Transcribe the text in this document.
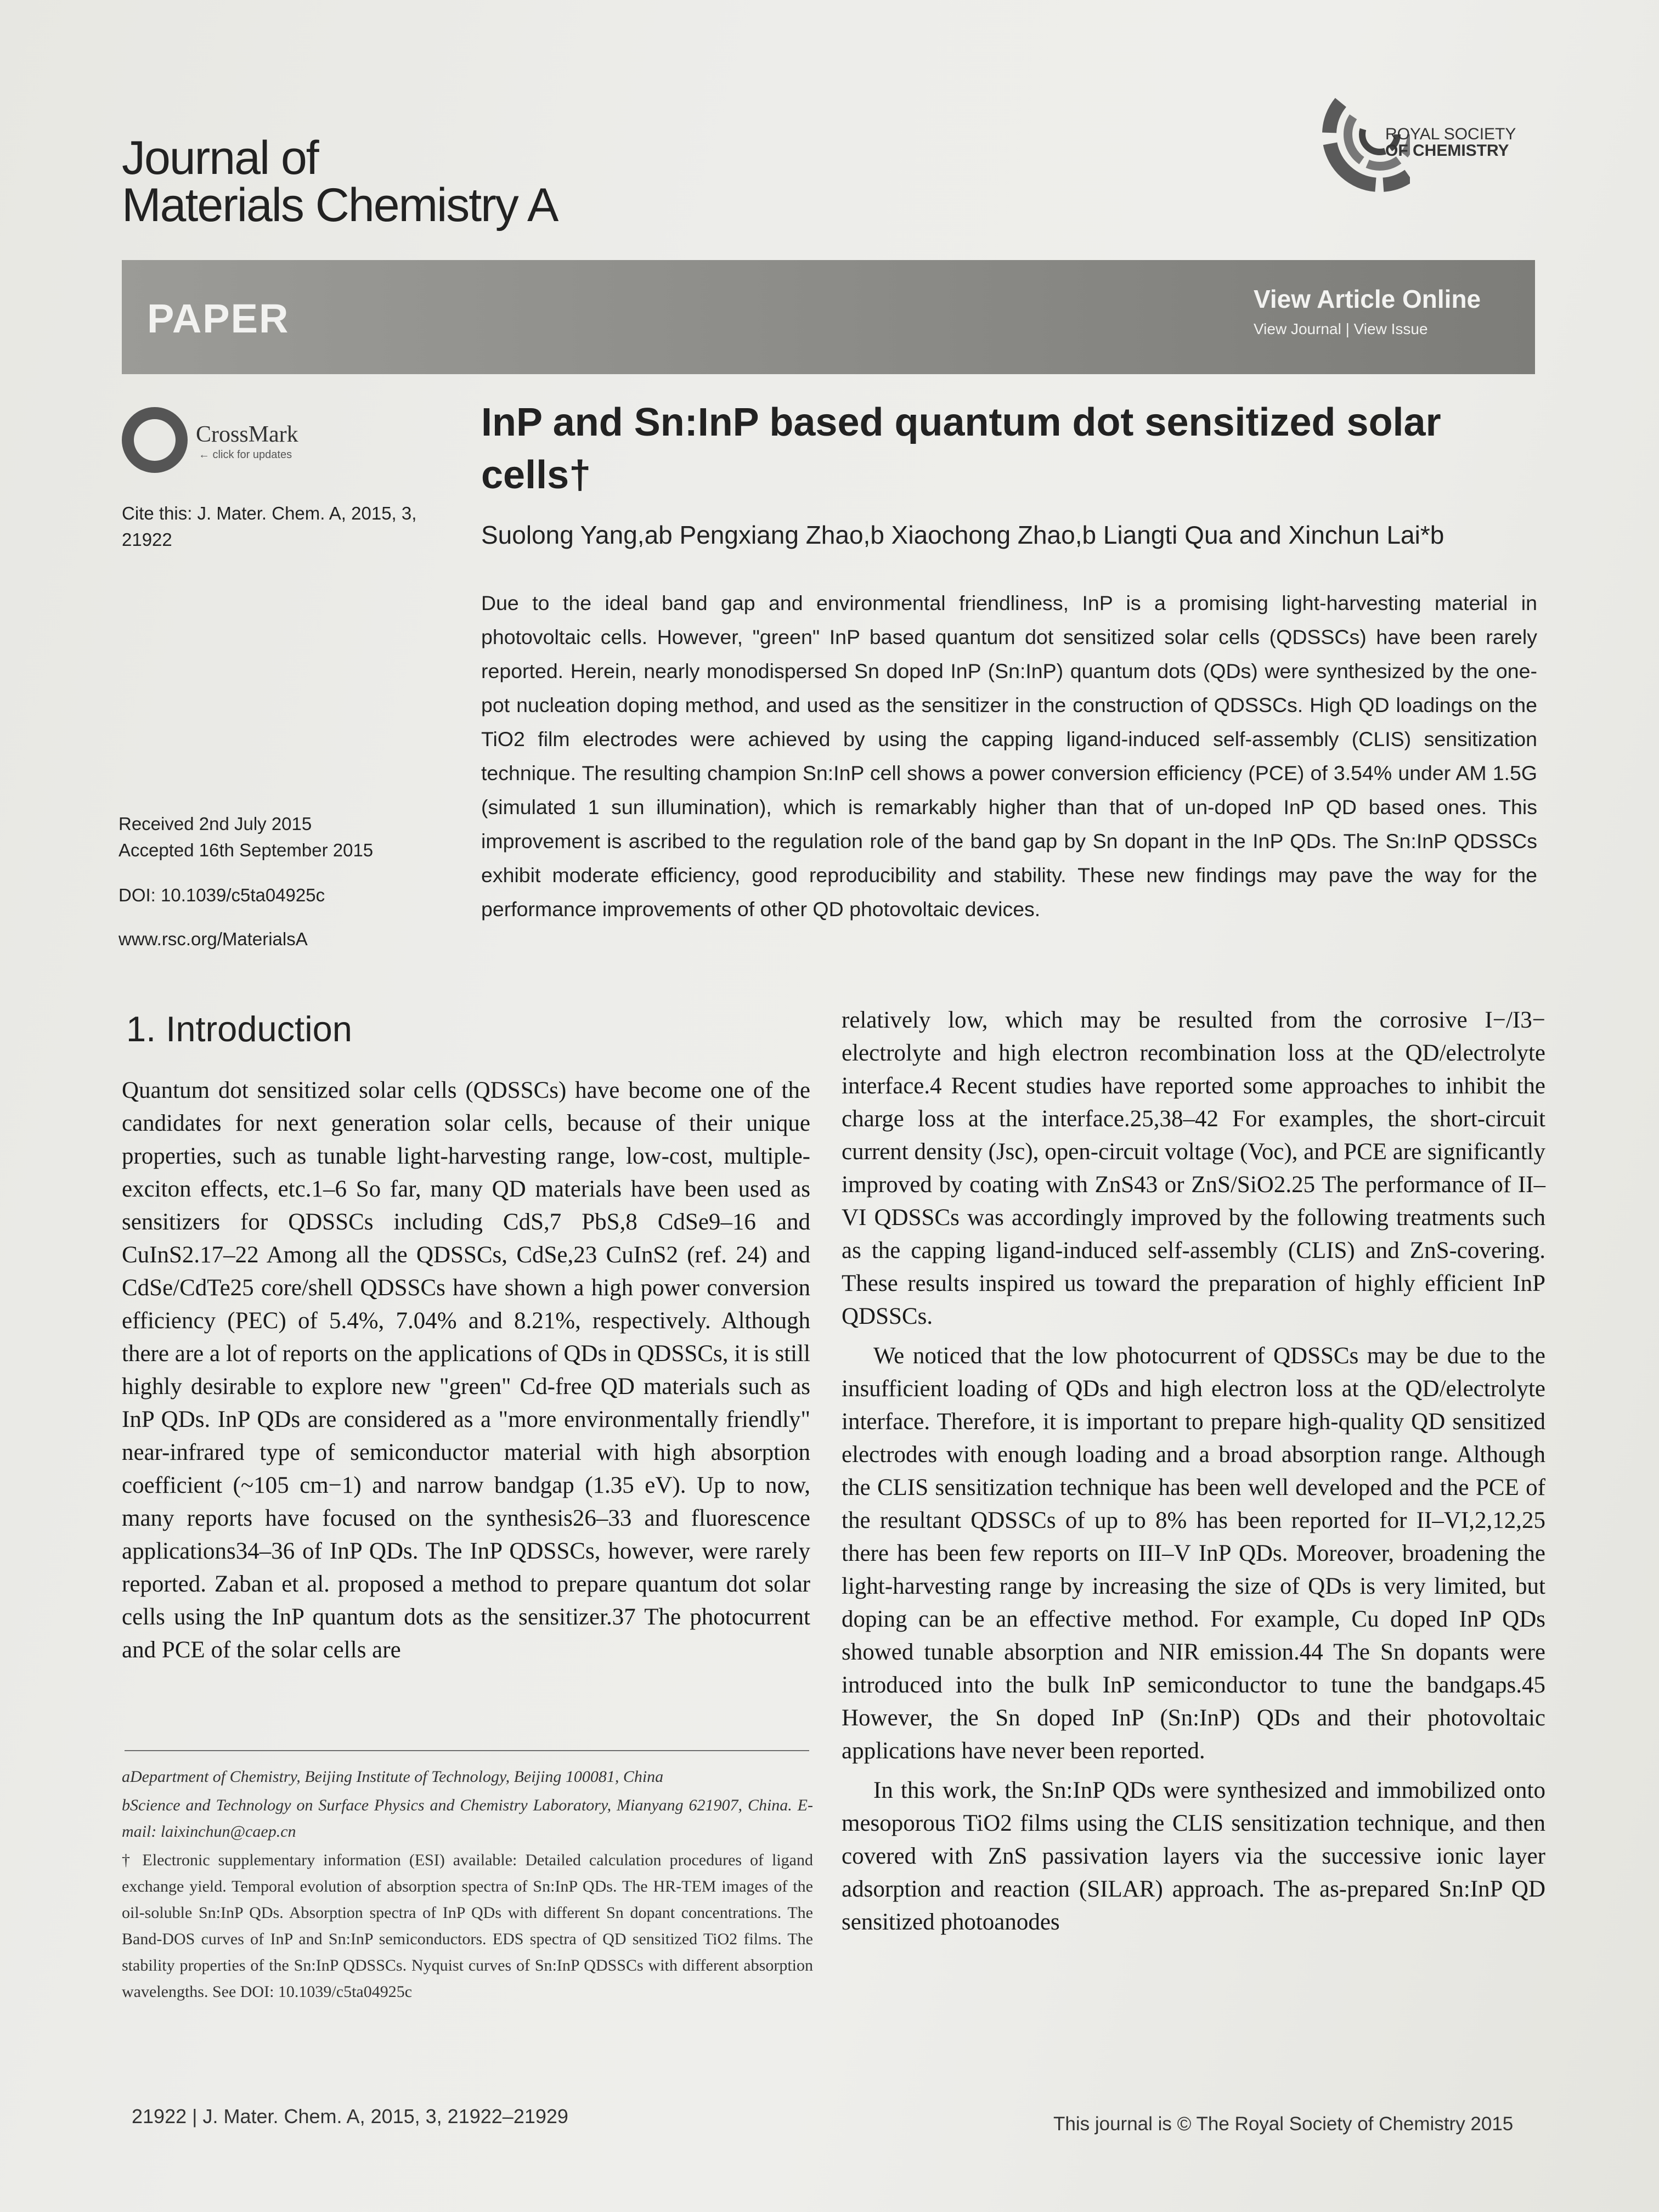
Journal of
Materials Chemistry A
ROYAL SOCIETY
OF CHEMISTRY
PAPER	View Article Online
View Journal | View Issue
CrossMark
← click for updates
Cite this: J. Mater. Chem. A, 2015, 3, 21922
Received 2nd July 2015
Accepted 16th September 2015
DOI: 10.1039/c5ta04925c
www.rsc.org/MaterialsA
InP and Sn:InP based quantum dot sensitized solar cells†
Suolong Yang,ab Pengxiang Zhao,b Xiaochong Zhao,b Liangti Qua and Xinchun Lai*b
Due to the ideal band gap and environmental friendliness, InP is a promising light-harvesting material in photovoltaic cells. However, "green" InP based quantum dot sensitized solar cells (QDSSCs) have been rarely reported. Herein, nearly monodispersed Sn doped InP (Sn:InP) quantum dots (QDs) were synthesized by the one-pot nucleation doping method, and used as the sensitizer in the construction of QDSSCs. High QD loadings on the TiO2 film electrodes were achieved by using the capping ligand-induced self-assembly (CLIS) sensitization technique. The resulting champion Sn:InP cell shows a power conversion efficiency (PCE) of 3.54% under AM 1.5G (simulated 1 sun illumination), which is remarkably higher than that of un-doped InP QD based ones. This improvement is ascribed to the regulation role of the band gap by Sn dopant in the InP QDs. The Sn:InP QDSSCs exhibit moderate efficiency, good reproducibility and stability. These new findings may pave the way for the performance improvements of other QD photovoltaic devices.
1. Introduction
Quantum dot sensitized solar cells (QDSSCs) have become one of the candidates for next generation solar cells, because of their unique properties, such as tunable light-harvesting range, low-cost, multiple-exciton effects, etc.1–6 So far, many QD materials have been used as sensitizers for QDSSCs including CdS,7 PbS,8 CdSe9–16 and CuInS2.17–22 Among all the QDSSCs, CdSe,23 CuInS2 (ref. 24) and CdSe/CdTe25 core/shell QDSSCs have shown a high power conversion efficiency (PEC) of 5.4%, 7.04% and 8.21%, respectively. Although there are a lot of reports on the applications of QDs in QDSSCs, it is still highly desirable to explore new "green" Cd-free QD materials such as InP QDs. InP QDs are considered as a "more environmentally friendly" near-infrared type of semiconductor material with high absorption coefficient (~105 cm−1) and narrow bandgap (1.35 eV). Up to now, many reports have focused on the synthesis26–33 and fluorescence applications34–36 of InP QDs. The InP QDSSCs, however, were rarely reported. Zaban et al. proposed a method to prepare quantum dot solar cells using the InP quantum dots as the sensitizer.37 The photocurrent and PCE of the solar cells are

relatively low, which may be resulted from the corrosive I−/I3− electrolyte and high electron recombination loss at the QD/electrolyte interface.4 Recent studies have reported some approaches to inhibit the charge loss at the interface.25,38–42 For examples, the short-circuit current density (Jsc), open-circuit voltage (Voc), and PCE are significantly improved by coating with ZnS43 or ZnS/SiO2.25 The performance of II–VI QDSSCs was accordingly improved by the following treatments such as the capping ligand-induced self-assembly (CLIS) and ZnS-covering. These results inspired us toward the preparation of highly efficient InP QDSSCs.

We noticed that the low photocurrent of QDSSCs may be due to the insufficient loading of QDs and high electron loss at the QD/electrolyte interface. Therefore, it is important to prepare high-quality QD sensitized electrodes with enough loading and a broad absorption range. Although the CLIS sensitization technique has been well developed and the PCE of the resultant QDSSCs of up to 8% has been reported for II–VI,2,12,25 there has been few reports on III–V InP QDs. Moreover, broadening the light-harvesting range by increasing the size of QDs is very limited, but doping can be an effective method. For example, Cu doped InP QDs showed tunable absorption and NIR emission.44 The Sn dopants were introduced into the bulk InP semiconductor to tune the bandgaps.45 However, the Sn doped InP (Sn:InP) QDs and their photovoltaic applications have never been reported.

In this work, the Sn:InP QDs were synthesized and immobilized onto mesoporous TiO2 films using the CLIS sensitization technique, and then covered with ZnS passivation layers via the successive ionic layer adsorption and reaction (SILAR) approach. The as-prepared Sn:InP QD sensitized photoanodes

aDepartment of Chemistry, Beijing Institute of Technology, Beijing 100081, China
bScience and Technology on Surface Physics and Chemistry Laboratory, Mianyang 621907, China. E-mail: laixinchun@caep.cn
† Electronic supplementary information (ESI) available: Detailed calculation procedures of ligand exchange yield. Temporal evolution of absorption spectra of Sn:InP QDs. The HR-TEM images of the oil-soluble Sn:InP QDs. Absorption spectra of InP QDs with different Sn dopant concentrations. The Band-DOS curves of InP and Sn:InP semiconductors. EDS spectra of QD sensitized TiO2 films. The stability properties of the Sn:InP QDSSCs. Nyquist curves of Sn:InP QDSSCs with different absorption wavelengths. See DOI: 10.1039/c5ta04925c
21922 | J. Mater. Chem. A, 2015, 3, 21922–21929	This journal is © The Royal Society of Chemistry 2015
